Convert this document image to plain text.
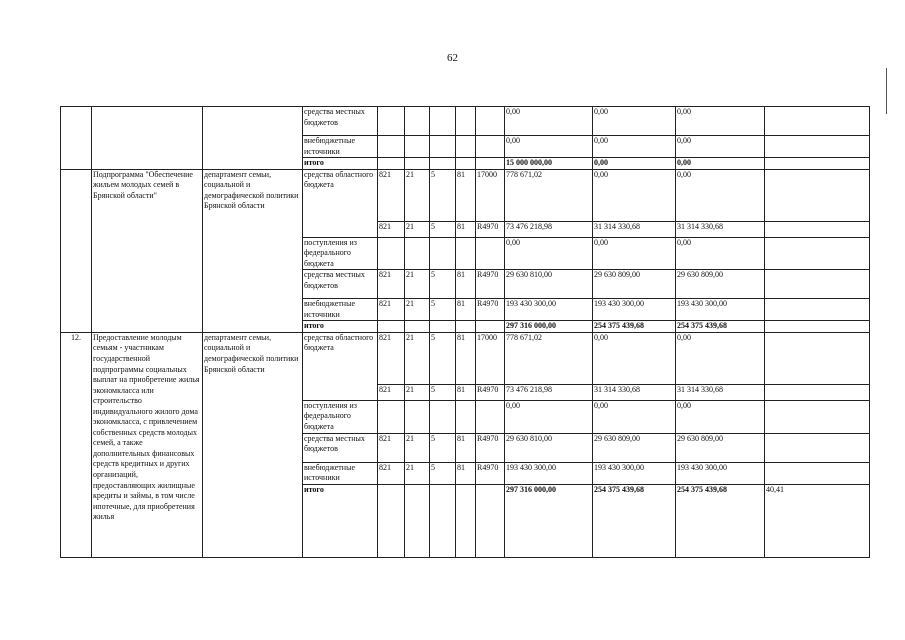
62
			средства местных бюджетов						0,00	0,00	0,00	
			внебюджетные источники						0,00	0,00	0,00	
			итого						15 000 000,00	0,00	0,00	
	Подпрограмма "Обеспечение жильем молодых семей в Брянской области"	департамент семьи, социальной и демографической политики Брянской области	средства областного бюджета	821	21	5	81	17000	778 671,02	0,00	0,00	
				821	21	5	81	R4970	73 476 218,98	31 314 330,68	31 314 330,68	
			поступления из федерального бюджета						0,00	0,00	0,00	
			средства местных бюджетов	821	21	5	81	R4970	29 630 810,00	29 630 809,00	29 630 809,00	
			внебюджетные источники	821	21	5	81	R4970	193 430 300,00	193 430 300,00	193 430 300,00	
			итого						297 316 000,00	254 375 439,68	254 375 439,68	
12.	Предоставление молодым семьям - участникам государственной подпрограммы социальных выплат на приобретение жилья экономкласса или строительство индивидуального жилого дома экономкласса, с привлечением собственных средств молодых семей, а также дополнительных финансовых средств кредитных и других организаций, предоставляющих жилищные кредиты и займы, в том числе ипотечные, для приобретения жилья	департамент семьи, социальной и демографической политики Брянской области	средства областного бюджета	821	21	5	81	17000	778 671,02	0,00	0,00	
				821	21	5	81	R4970	73 476 218,98	31 314 330,68	31 314 330,68	
			поступления из федерального бюджета						0,00	0,00	0,00	
			средства местных бюджетов	821	21	5	81	R4970	29 630 810,00	29 630 809,00	29 630 809,00	
			внебюджетные источники	821	21	5	81	R4970	193 430 300,00	193 430 300,00	193 430 300,00	
			итого						297 316 000,00	254 375 439,68	254 375 439,68	40,41
